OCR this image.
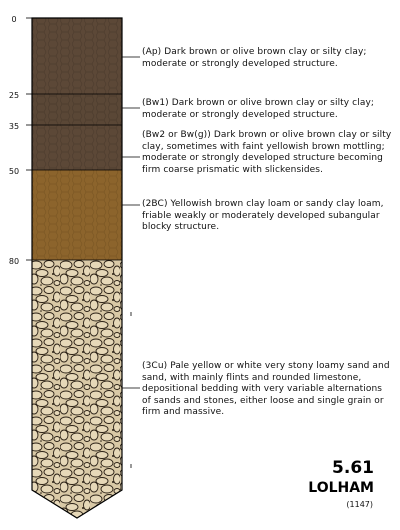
0
25
35
50
80
(Ap) Dark brown or olive brown clay or silty clay; moderate or strongly developed structure.
(Bw1) Dark brown or olive brown clay or silty clay; moderate or strongly developed structure.
(Bw2 or Bw(g)) Dark brown or olive brown clay or silty clay, sometimes with faint yellowish brown mottling; moderate or strongly developed structure becoming firm coarse prismatic with slickensides.
(2BC) Yellowish brown clay loam or sandy clay loam, friable weakly or moderately developed subangular blocky structure.
(3Cu) Pale yellow or white very stony loamy sand and sand, with mainly flints and rounded limestone, depositional bedding with very variable alternations of sands and stones, either loose and single grain or firm and massive.
5.61
LOLHAM
(1147)
